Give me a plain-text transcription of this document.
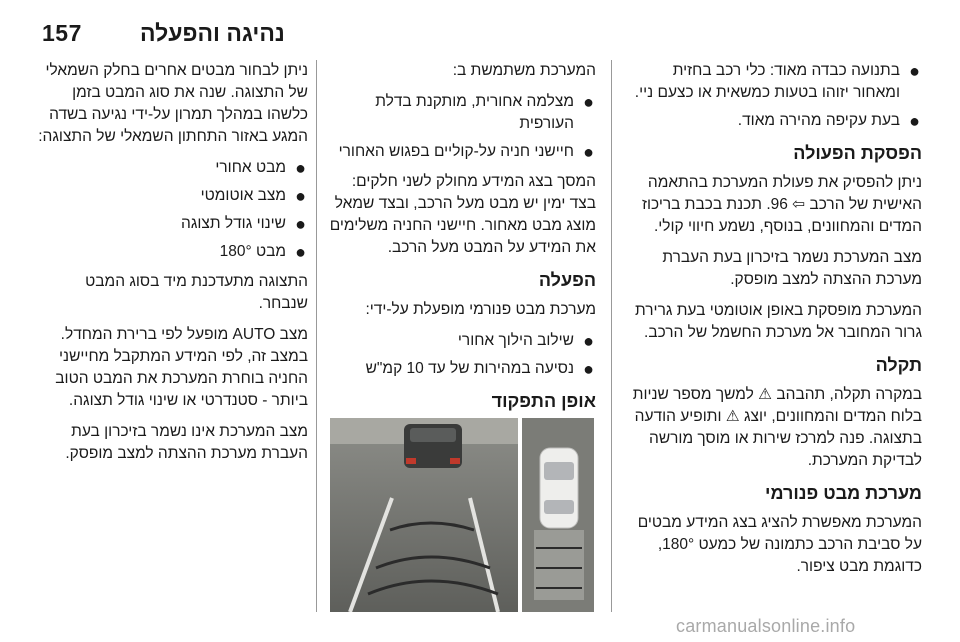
157	נהיגה והפעלה
●
בתנועה כבדה מאוד: כלי רכב בחזית ומאחור יזוהו בטעות כמשאית או כצעם ניי.
●
בעת עקיפה מהירה מאוד.
הפסקת הפעולה

ניתן להפסיק את פעולת המערכת בהתאמה האישית של הרכב ⇦ 96. תכנת בכבת בריכוז המדים והמחוונים, בנוסף, נשמע חיווי קולי.

מצב המערכת נשמר בזיכרון בעת העברת מערכת ההצתה למצב מופסק.

המערכת מופסקת באופן אוטומטי בעת גרירת גרור המחובר אל מערכת החשמל של הרכב.

תקלה

במקרה תקלה, תהבהב ⚠ למשך מספר שניות בלוח המדים והמחוונים, יוצג ⚠ ותופיע הודעה בתצוגה. פנה למרכז שירות או מוסך מורשה לבדיקת המערכת.

מערכת מבט פנורמי

המערכת מאפשרת להציג בצג המידע מבטים על סביבת הרכב כתמונה של כמעט 180°, כדוגמת מבט ציפור.

המערכת משתמשת ב:

●
מצלמה אחורית, מותקנת בדלת העורפית
●
חיישני חניה על-קוליים בפגוש האחורי

המסך בצג המידע מחולק לשני חלקים: בצד ימין יש מבט מעל הרכב, ובצד שמאל מוצג מבט מאחור. חיישני החניה משלימים את המידע על המבט מעל הרכב.

הפעלה

מערכת מבט פנורמי מופעלת על-ידי:

●
שילוב הילוך אחורי
●
נסיעה במהירות של עד 10 קמ"ש
אופן התפקוד

ניתן לבחור מבטים אחרים בחלק השמאלי של התצוגה. שנה את סוג המבט בזמן כלשהו במהלך תמרון על-ידי נגיעה בשדה המגע באזור התחתון השמאלי של התצוגה:

●
מבט אחורי
●
מצב אוטומטי
●
שינוי גודל תצוגה
●
מבט 180°

התצוגה מתעדכנת מיד בסוג המבט שנבחר.

מצב AUTO מופעל לפי ברירת המחדל. במצב זה, לפי המידע המתקבל מחיישני החניה בוחרת המערכת את המבט הטוב ביותר - סטנדרטי או שינוי גודל תצוגה.

מצב המערכת אינו נשמר בזיכרון בעת העברת מערכת ההצתה למצב מופסק.

carmanualsonline.info
